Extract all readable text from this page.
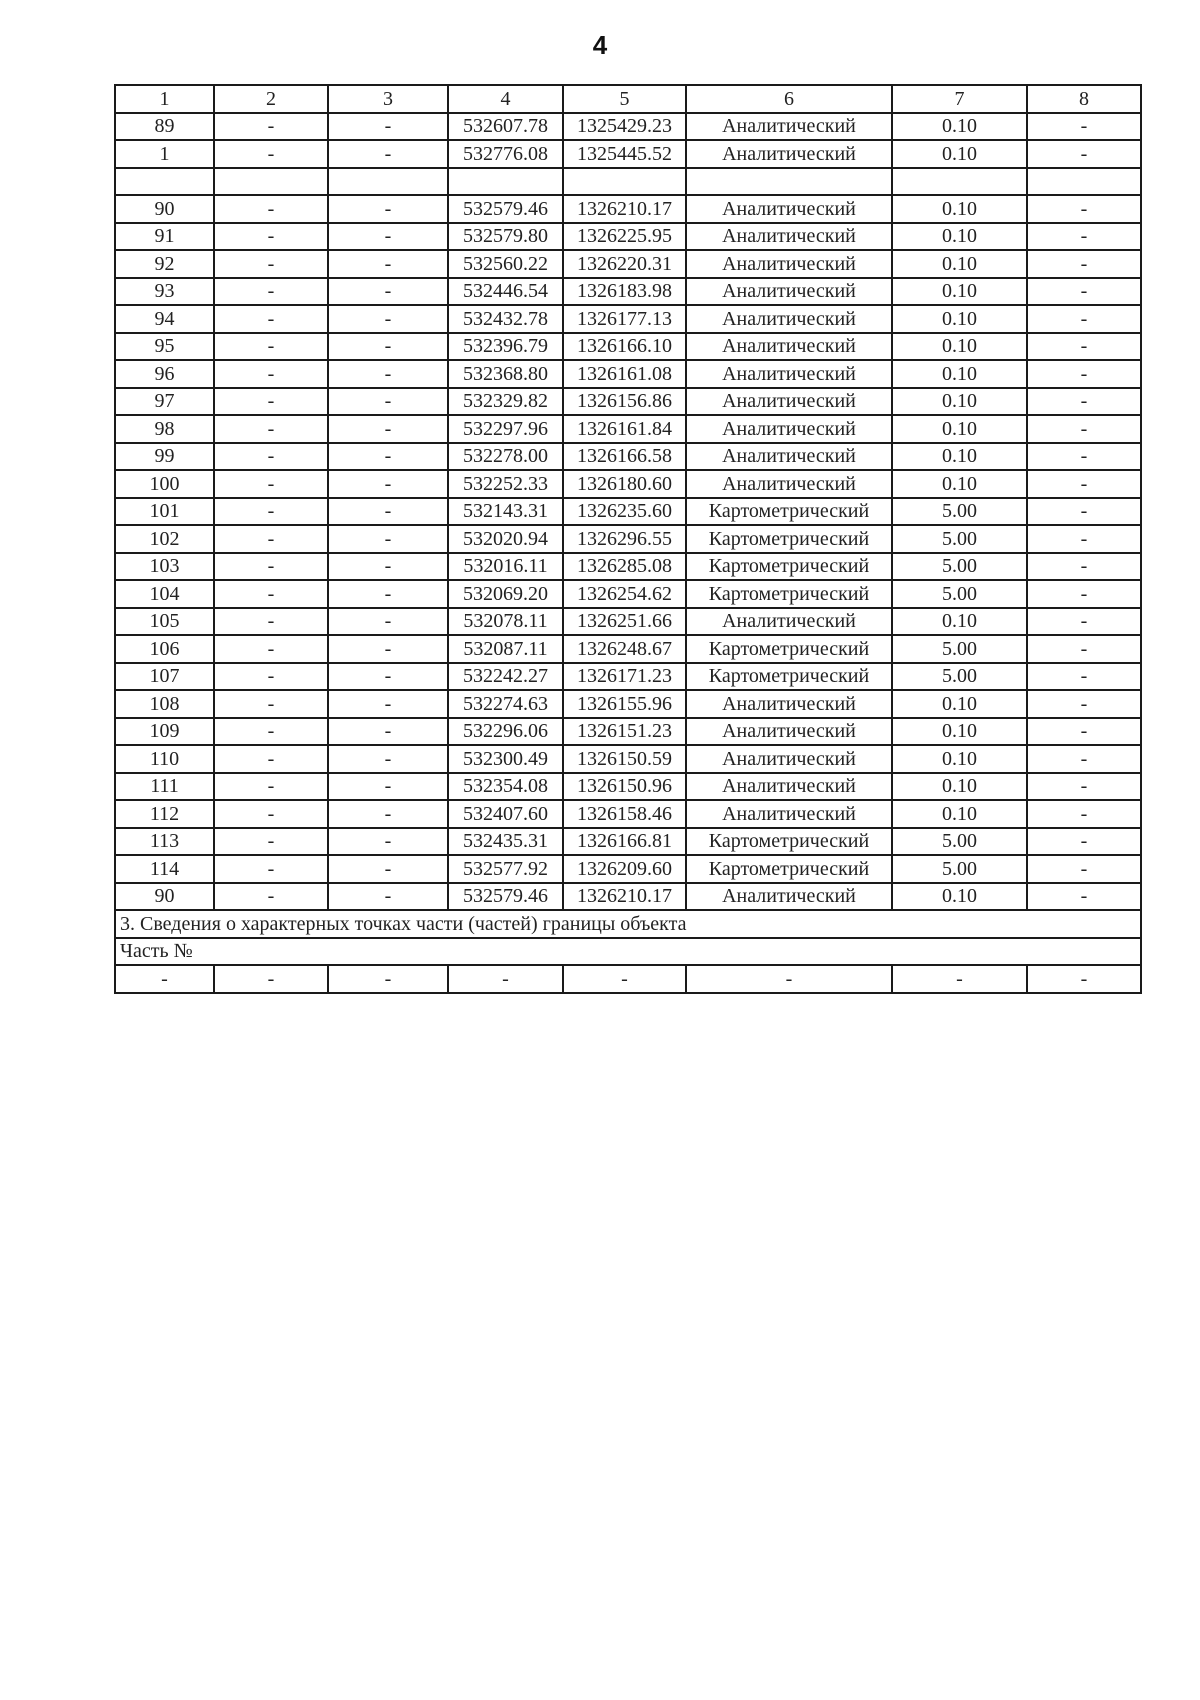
4
1	2	3	4	5	6	7	8
89	-	-	532607.78	1325429.23	Аналитический	0.10	-
1	-	-	532776.08	1325445.52	Аналитический	0.10	-

90	-	-	532579.46	1326210.17	Аналитический	0.10	-
91	-	-	532579.80	1326225.95	Аналитический	0.10	-
92	-	-	532560.22	1326220.31	Аналитический	0.10	-
93	-	-	532446.54	1326183.98	Аналитический	0.10	-
94	-	-	532432.78	1326177.13	Аналитический	0.10	-
95	-	-	532396.79	1326166.10	Аналитический	0.10	-
96	-	-	532368.80	1326161.08	Аналитический	0.10	-
97	-	-	532329.82	1326156.86	Аналитический	0.10	-
98	-	-	532297.96	1326161.84	Аналитический	0.10	-
99	-	-	532278.00	1326166.58	Аналитический	0.10	-
100	-	-	532252.33	1326180.60	Аналитический	0.10	-
101	-	-	532143.31	1326235.60	Картометрический	5.00	-
102	-	-	532020.94	1326296.55	Картометрический	5.00	-
103	-	-	532016.11	1326285.08	Картометрический	5.00	-
104	-	-	532069.20	1326254.62	Картометрический	5.00	-
105	-	-	532078.11	1326251.66	Аналитический	0.10	-
106	-	-	532087.11	1326248.67	Картометрический	5.00	-
107	-	-	532242.27	1326171.23	Картометрический	5.00	-
108	-	-	532274.63	1326155.96	Аналитический	0.10	-
109	-	-	532296.06	1326151.23	Аналитический	0.10	-
110	-	-	532300.49	1326150.59	Аналитический	0.10	-
111	-	-	532354.08	1326150.96	Аналитический	0.10	-
112	-	-	532407.60	1326158.46	Аналитический	0.10	-
113	-	-	532435.31	1326166.81	Картометрический	5.00	-
114	-	-	532577.92	1326209.60	Картометрический	5.00	-
90	-	-	532579.46	1326210.17	Аналитический	0.10	-
3. Сведения о характерных точках части (частей) границы объекта							
Часть №							
-	-	-	-	-	-	-	-
